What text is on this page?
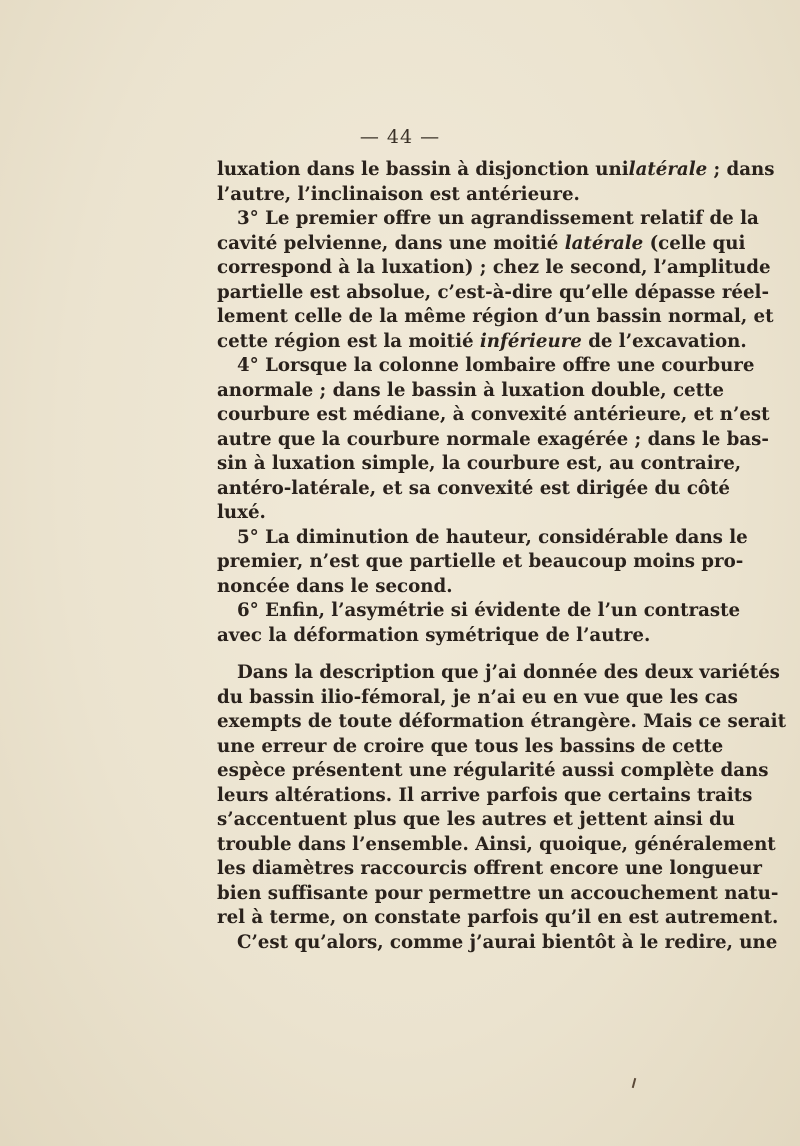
— 44 —
luxation dans le bassin à disjonction unilatérale ; dans
l’autre, l’inclinaison est antérieure.
3° Le premier offre un agrandissement relatif de la
cavité pelvienne, dans une moitié latérale (celle qui
correspond à la luxation) ; chez le second, l’amplitude
partielle est absolue, c’est-à-dire qu’elle dépasse réel-
lement celle de la même région d’un bassin normal, et
cette région est la moitié inférieure de l’excavation.
4° Lorsque la colonne lombaire offre une courbure
anormale ; dans le bassin à luxation double, cette
courbure est médiane, à convexité antérieure, et n’est
autre que la courbure normale exagérée ; dans le bas-
sin à luxation simple, la courbure est, au contraire,
antéro-latérale, et sa convexité est dirigée du côté
luxé.
5° La diminution de hauteur, considérable dans le
premier, n’est que partielle et beaucoup moins pro-
noncée dans le second.
6° Enfin, l’asymétrie si évidente de l’un contraste
avec la déformation symétrique de l’autre.
Dans la description que j’ai donnée des deux variétés
du bassin ilio-fémoral, je n’ai eu en vue que les cas
exempts de toute déformation étrangère. Mais ce serait
une erreur de croire que tous les bassins de cette
espèce présentent une régularité aussi complète dans
leurs altérations. Il arrive parfois que certains traits
s’accentuent plus que les autres et jettent ainsi du
trouble dans l’ensemble. Ainsi, quoique, généralement
les diamètres raccourcis offrent encore une longueur
bien suffisante pour permettre un accouchement natu-
rel à terme, on constate parfois qu’il en est autrement.
C’est qu’alors, comme j’aurai bientôt à le redire, une
